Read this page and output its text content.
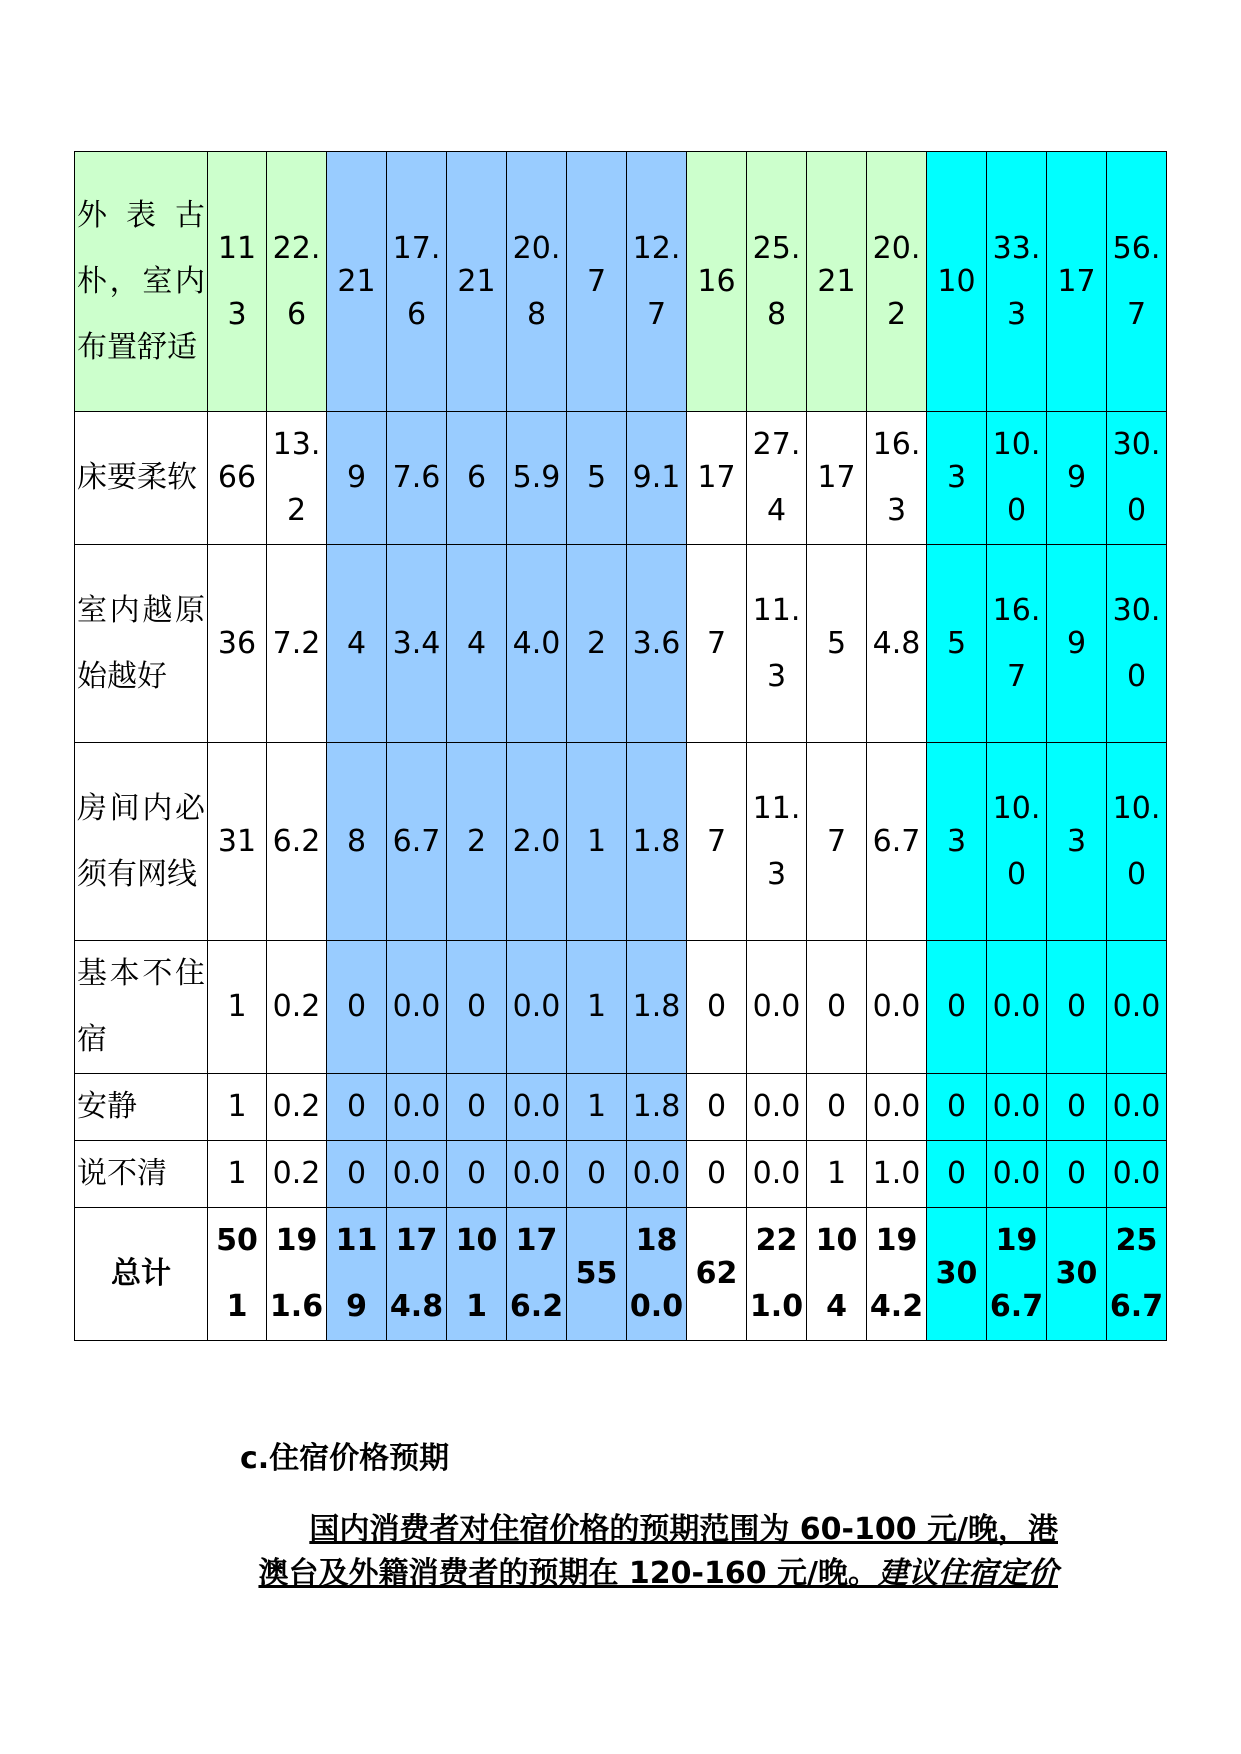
外表古朴，室内布置舒适	113	22.6	21	17.6	21	20.8	7	12.7	16	25.8	21	20.2	10	33.3	17	56.7
床要柔软	66	13.2	9	7.6	6	5.9	5	9.1	17	27.4	17	16.3	3	10.0	9	30.0
室内越原始越好	36	7.2	4	3.4	4	4.0	2	3.6	7	11.3	5	4.8	5	16.7	9	30.0
房间内必须有网线	31	6.2	8	6.7	2	2.0	1	1.8	7	11.3	7	6.7	3	10.0	3	10.0
基本不住宿	1	0.2	0	0.0	0	0.0	1	1.8	0	0.0	0	0.0	0	0.0	0	0.0
安静	1	0.2	0	0.0	0	0.0	1	1.8	0	0.0	0	0.0	0	0.0	0	0.0
说不清	1	0.2	0	0.0	0	0.0	0	0.0	0	0.0	1	1.0	0	0.0	0	0.0
总计	501	191.6	119	174.8	101	176.2	55	180.0	62	221.0	104	194.2	30	196.7	30	256.7
c.住宿价格预期
国内消费者对住宿价格的预期范围为 60-100 元/晚，港
澳台及外籍消费者的预期在 120-160 元/晚。建议住宿定价
